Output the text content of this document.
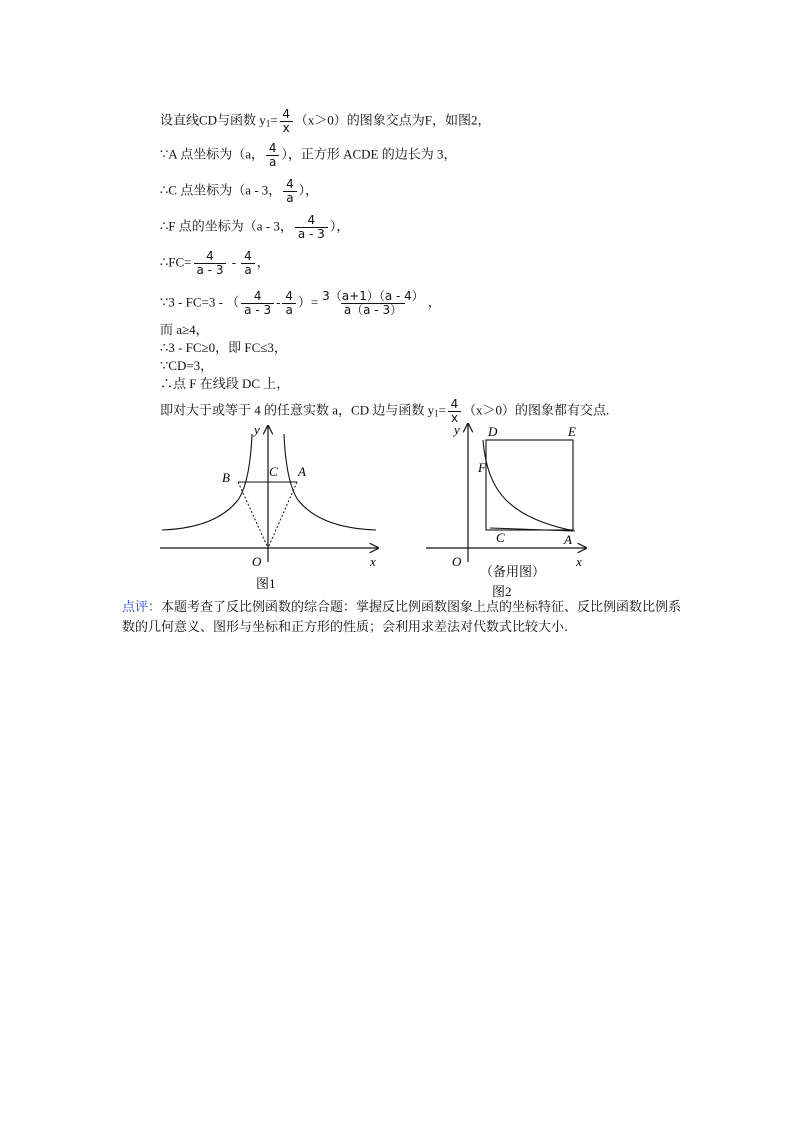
设直线CD与函数 $y_1= \frac{4}{x} (x>0)$的图象交点为F，如图2，
∵A 点坐标为（a， $\frac{4}{a}$ ），正方形 ACDE 的边长为 3，
∴C 点坐标为（a - 3， $\frac{4}{a}$ ），
∴F 点的坐标为（a - 3， $\frac{4}{a - 3}$ ），
∴FC= $\frac{4}{a - 3} - \frac{4}{a}$ ，
∵3 - FC=3 - （ $\frac{4}{a - 3} - \frac{4}{a}$ ）= $\frac{3(a+1)(a - 4)}{a(a - 3)}$ ，
而 a≥4，
∴3 - FC≥0，即 FC≤3，
∵CD=3，
∴点 F 在线段 DC 上，
即对大于或等于 4 的任意实数 a，CD 边与函数 $y_1= \frac{4}{x} (x>0)$的图象都有交点.
y
x
O
B	C A
图1
y
x
O
D	E
F
C	A
（备用图）
图2
点评：本题考查了反比例函数的综合题：掌握反比例函数图象上点的坐标特征、反比例函数比例系数的几何意义、图形与坐标和正方形的性质；会利用求差法对代数式比较大小.
